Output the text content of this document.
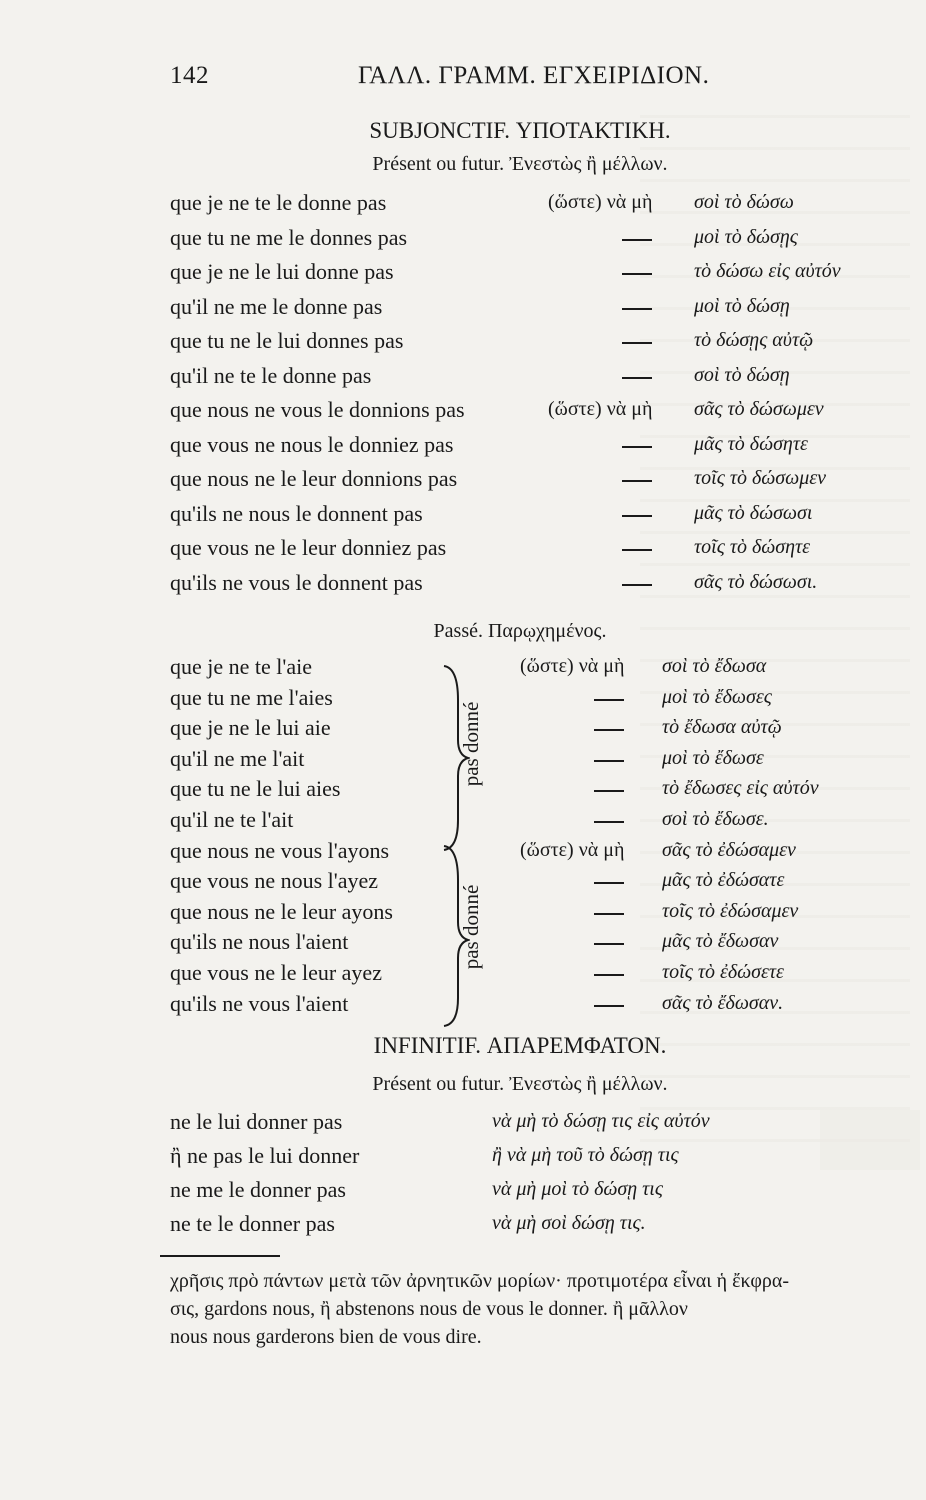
142	ΓΑΛΛ. ΓΡΑΜΜ. ΕΓΧΕΙΡΙΔΙΟΝ.
SUBJONCTIF. ΥΠΟΤΑΚΤΙΚΗ.
Présent ou futur. Ἐνεστὼς ἢ μέλλων.
que je ne te le donne pas	(ὥστε) νὰ μὴ σοὶ τὸ δώσω
que tu ne me le donnes pas	μοὶ τὸ δώσῃς
que je ne le lui donne pas	τὸ δώσω εἰς αὐτόν
qu'il ne me le donne pas	μοὶ τὸ δώσῃ
que tu ne le lui donnes pas	τὸ δώσῃς αὐτῷ
qu'il ne te le donne pas	σοὶ τὸ δώσῃ
que nous ne vous le donnions pas	(ὥστε) νὰ μὴ σᾶς τὸ δώσωμεν
que vous ne nous le donniez pas	μᾶς τὸ δώσητε
que nous ne le leur donnions pas	τοῖς τὸ δώσωμεν
qu'ils ne nous le donnent pas	μᾶς τὸ δώσωσι
que vous ne le leur donniez pas	τοῖς τὸ δώσητε
qu'ils ne vous le donnent pas	σᾶς τὸ δώσωσι.
Passé. Παρῳχημένος.
que je ne te l'aie	(ὥστε) νὰ μὴ σοὶ τὸ ἔδωσα
que tu ne me l'aies	μοὶ τὸ ἔδωσες
que je ne le lui aie	τὸ ἔδωσα αὐτῷ
qu'il ne me l'ait	μοὶ τὸ ἔδωσε
que tu ne le lui aies	τὸ ἔδωσες εἰς αὐτόν
qu'il ne te l'ait	σοὶ τὸ ἔδωσε.
que nous ne vous l'ayons	(ὥστε) νὰ μὴ σᾶς τὸ ἐδώσαμεν
que vous ne nous l'ayez	μᾶς τὸ ἐδώσατε
que nous ne le leur ayons	τοῖς τὸ ἐδώσαμεν
qu'ils ne nous l'aient	μᾶς τὸ ἔδωσαν
que vous ne le leur ayez	τοῖς τὸ ἐδώσετε
qu'ils ne vous l'aient	σᾶς τὸ ἔδωσαν.
pas donné
pas donné
INFINITIF. ΑΠΑΡΕΜΦΑΤΟΝ.
Présent ou futur. Ἐνεστὼς ἢ μέλλων.
ne le lui donner pas	νὰ μὴ τὸ δώσῃ τις εἰς αὐτόν
ἢ ne pas le lui donner	ἢ νὰ μὴ τοῦ τὸ δώσῃ τις
ne me le donner pas	νὰ μὴ μοὶ τὸ δώσῃ τις
ne te le donner pas	νὰ μὴ σοὶ δώσῃ τις.
χρῆσις πρὸ πάντων μετὰ τῶν ἀρνητικῶν μορίων· προτιμοτέρα εἶναι ἡ ἔκφρα-
σις, gardons nous, ἢ abstenons nous de vous le donner. ἢ μᾶλλον
nous nous garderons bien de vous dire.
